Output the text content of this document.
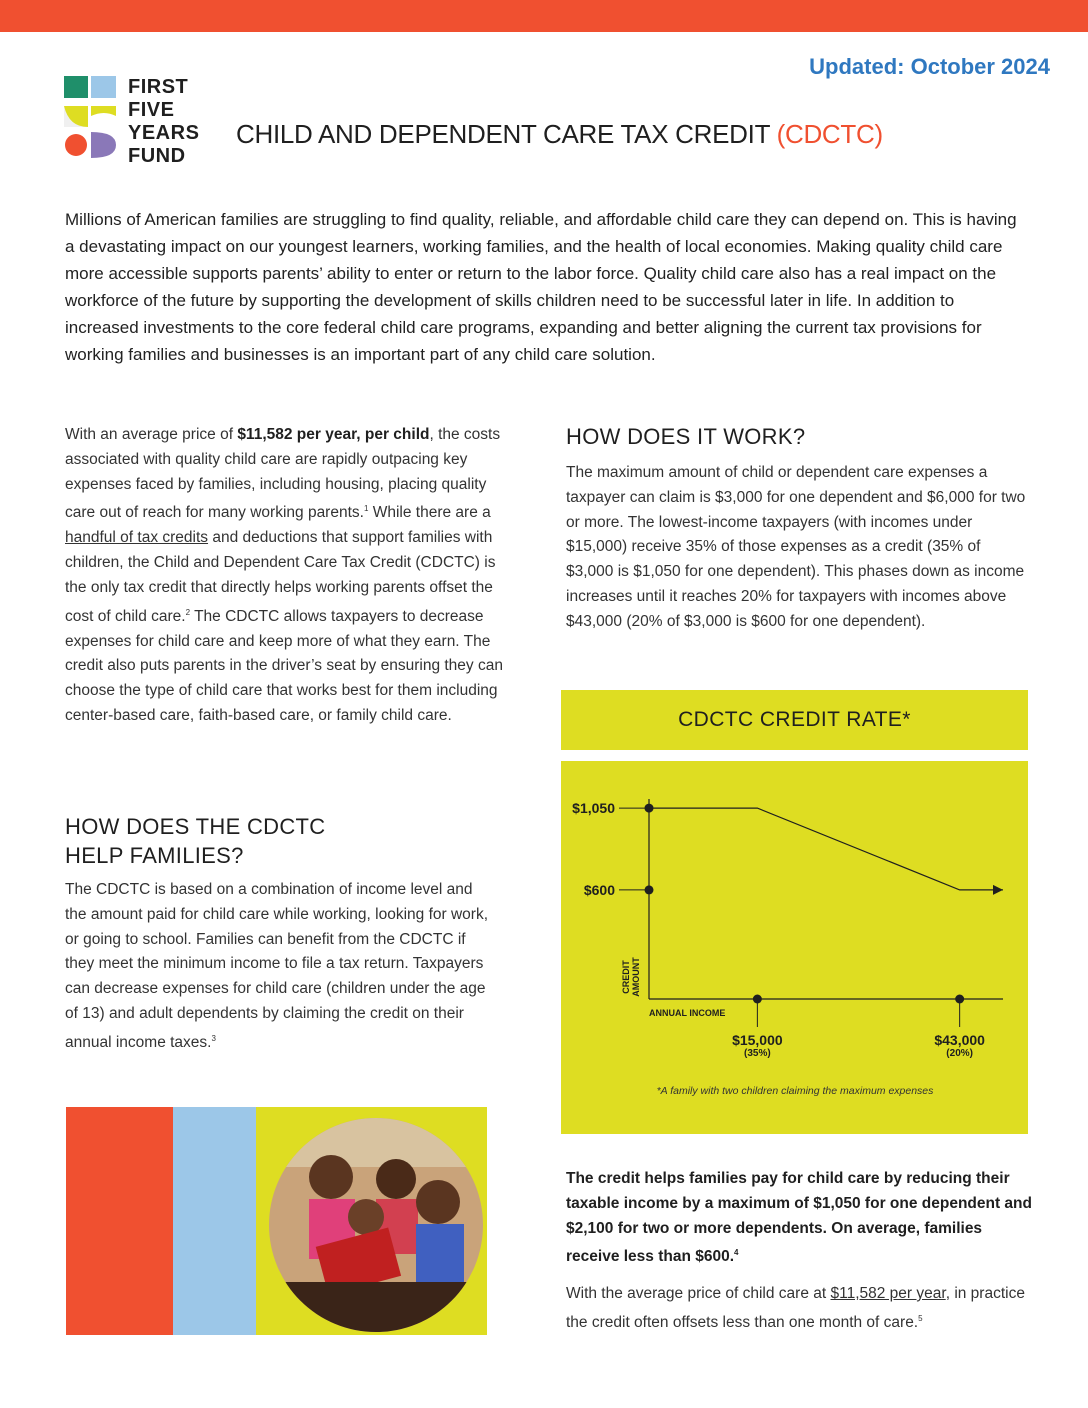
Updated: October 2024
FIRST
FIVE
YEARS
FUND
CHILD AND DEPENDENT CARE TAX CREDIT (CDCTC)

Millions of American families are struggling to find quality, reliable, and affordable child care they can depend on. This is having a devastating impact on our youngest learners, working families, and the health of local economies. Making quality child care more accessible supports parents’ ability to enter or return to the labor force. Quality child care also has a real impact on the workforce of the future by supporting the development of skills children need to be successful later in life. In addition to increased investments to the core federal child care programs, expanding and better aligning the current tax provisions for working families and businesses is an important part of any child care solution.

With an average price of $11,582 per year, per child, the costs associated with quality child care are rapidly outpacing key expenses faced by families, including housing, placing quality care out of reach for many working parents.$^1$ While there are a handful of tax credits and deductions that support families with children, the Child and Dependent Care Tax Credit (CDCTC) is the only tax credit that directly helps working parents offset the cost of child care.$^2$ The CDCTC allows taxpayers to decrease expenses for child care and keep more of what they earn. The credit also puts parents in the driver’s seat by ensuring they can choose the type of child care that works best for them including center-based care, faith-based care, or family child care.

HOW DOES THE CDCTC
HELP FAMILIES?

The CDCTC is based on a combination of income level and the amount paid for child care while working, looking for work, or going to school. Families can benefit from the CDCTC if they meet the minimum income to file a tax return. Taxpayers can decrease expenses for child care (children under the age of 13) and adult dependents by claiming the credit on their annual income taxes.$^3$

HOW DOES IT WORK?

The maximum amount of child or dependent care expenses a taxpayer can claim is $3,000 for one dependent and $6,000 for two or more. The lowest-income taxpayers (with incomes under $15,000) receive 35% of those expenses as a credit (35% of $3,000 is $1,050 for one dependent). This phases down as income increases until it reaches 20% for taxpayers with incomes above $43,000 (20% of $3,000 is $600 for one dependent).

CDCTC CREDIT RATE*
CREDITAMOUNT
ANNUAL INCOME
*A family with two children claiming the maximum expenses
$1,050
$600
$15,000
(35%)
$43,000
(20%)

The credit helps families pay for child care by reducing their taxable income by a maximum of $1,050 for one dependent and $2,100 for two or more dependents. On average, families receive less than $600.$^4$

With the average price of child care at $11,582 per year, in practice the credit often offsets less than one month of care.$^5$
